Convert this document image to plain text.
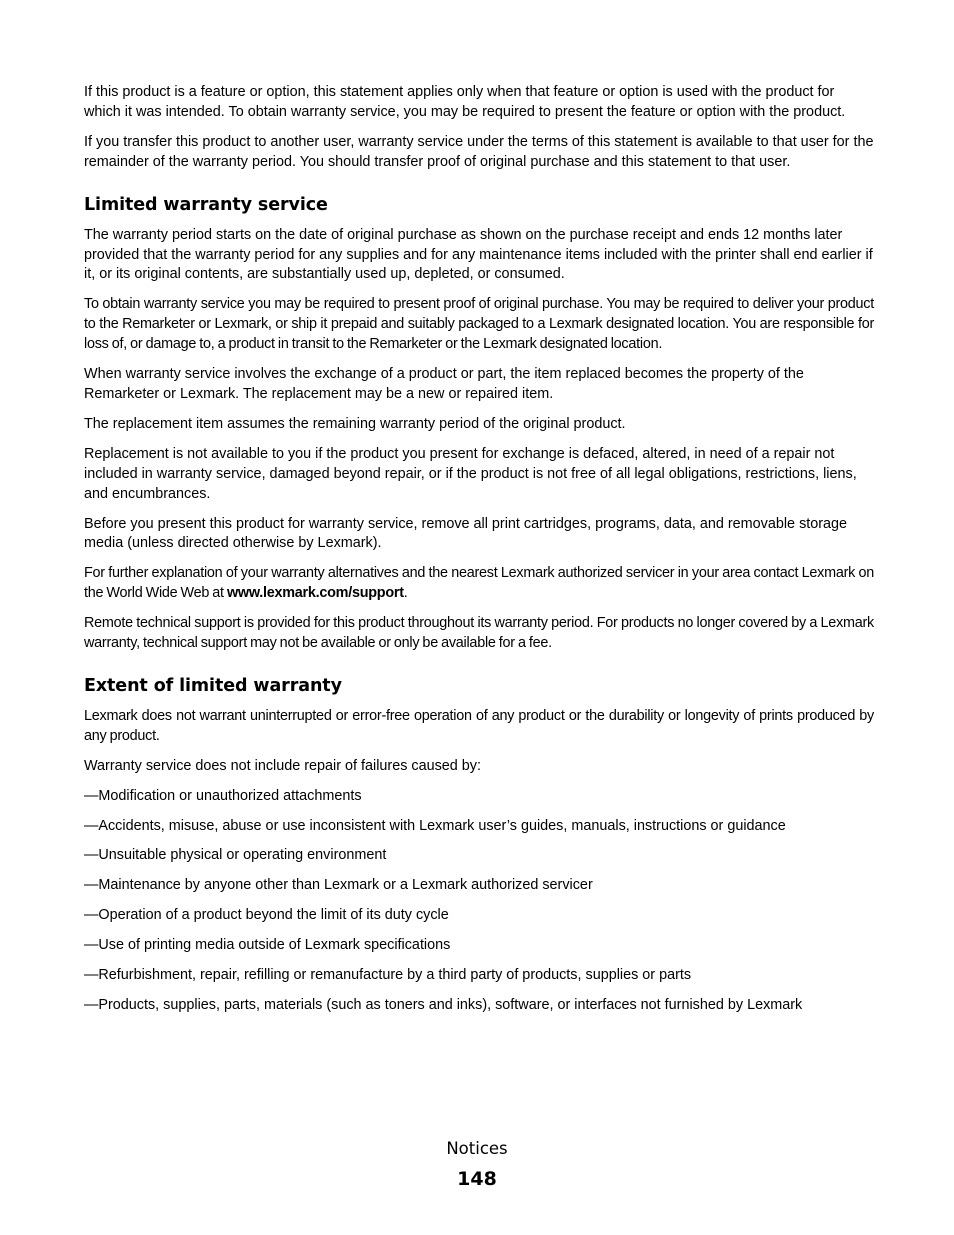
If this product is a feature or option, this statement applies only when that feature or option is used with the product for which it was intended. To obtain warranty service, you may be required to present the feature or option with the product.

If you transfer this product to another user, warranty service under the terms of this statement is available to that user for the remainder of the warranty period. You should transfer proof of original purchase and this statement to that user.

Limited warranty service

The warranty period starts on the date of original purchase as shown on the purchase receipt and ends 12 months later provided that the warranty period for any supplies and for any maintenance items included with the printer shall end earlier if it, or its original contents, are substantially used up, depleted, or consumed.

To obtain warranty service you may be required to present proof of original purchase. You may be required to deliver your product to the Remarketer or Lexmark, or ship it prepaid and suitably packaged to a Lexmark designated location. You are responsible for loss of, or damage to, a product in transit to the Remarketer or the Lexmark designated location.

When warranty service involves the exchange of a product or part, the item replaced becomes the property of the Remarketer or Lexmark. The replacement may be a new or repaired item.

The replacement item assumes the remaining warranty period of the original product.

Replacement is not available to you if the product you present for exchange is defaced, altered, in need of a repair not included in warranty service, damaged beyond repair, or if the product is not free of all legal obligations, restrictions, liens, and encumbrances.

Before you present this product for warranty service, remove all print cartridges, programs, data, and removable storage media (unless directed otherwise by Lexmark).

For further explanation of your warranty alternatives and the nearest Lexmark authorized servicer in your area contact Lexmark on the World Wide Web at www.lexmark.com/support.

Remote technical support is provided for this product throughout its warranty period. For products no longer covered by a Lexmark warranty, technical support may not be available or only be available for a fee.

Extent of limited warranty

Lexmark does not warrant uninterrupted or error-free operation of any product or the durability or longevity of prints produced by any product.

Warranty service does not include repair of failures caused by:

—Modification or unauthorized attachments

—Accidents, misuse, abuse or use inconsistent with Lexmark user’s guides, manuals, instructions or guidance

—Unsuitable physical or operating environment

—Maintenance by anyone other than Lexmark or a Lexmark authorized servicer

—Operation of a product beyond the limit of its duty cycle

—Use of printing media outside of Lexmark specifications

—Refurbishment, repair, refilling or remanufacture by a third party of products, supplies or parts

—Products, supplies, parts, materials (such as toners and inks), software, or interfaces not furnished by Lexmark

Notices
148
